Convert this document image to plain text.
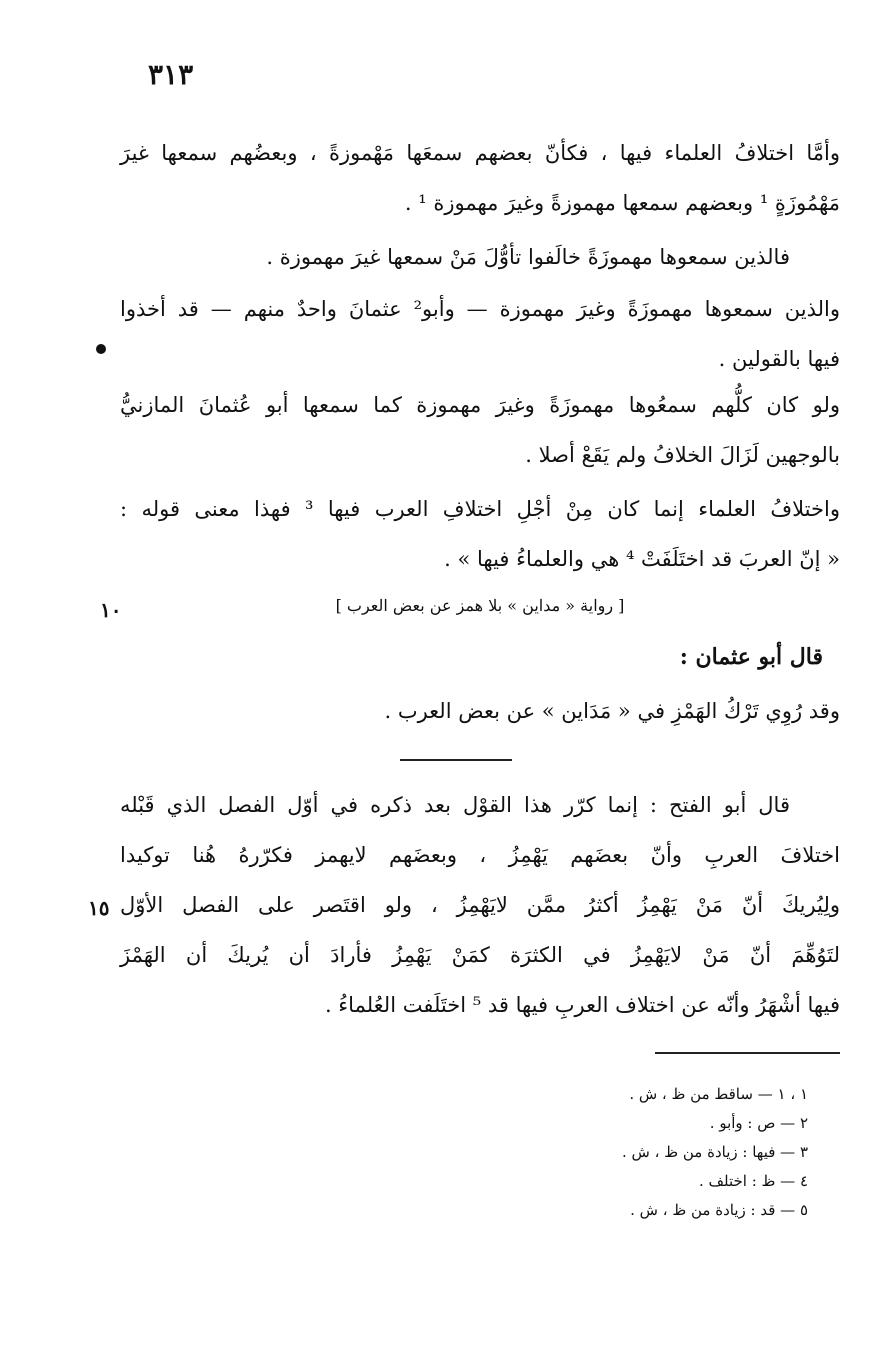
٣١٣
وأمَّا اختلافُ العلماء فيها ، فكأنّ بعضهم سمعَها مَهْموزةً ، وبعضُهم سمعها غيرَ
مَهْمُوزَةٍ ¹ وبعضهم سمعها مهموزةً وغيرَ مهموزة ¹ .
فالذين سمعوها مهموزَةً خالَفوا تأوُّلَ مَنْ سمعها غيرَ مهموزة .
والذين سمعوها مهموزَةً وغيرَ مهموزة — وأبو² عثمانَ واحدٌ منهم — قد أخذوا
فيها بالقولين .
ولو كان كلُّهم سمعُوها مهموزَةً وغيرَ مهموزة كما سمعها أبو عُثمانَ المازنيُّ
بالوجهين لَزَالَ الخلافُ ولم يَقَعْ أصلا .
واختلافُ العلماء إنما كان مِنْ أجْلِ اختلافِ العرب فيها ³ فهذا معنى قوله :
« إنّ العربَ قد اختَلَفَتْ ⁴ هي والعلماءُ فيها » .
[ رواية « مداين » بلا همز عن بعض العرب ]
١٠
قال أبو عثمان :
وقد رُوِي تَرْكُ الهَمْزِ في « مَدَاين » عن بعض العرب .
قال أبو الفتح : إنما كرّر هذا القوْل بعد ذكره في أوّل الفصل الذي قَبْله
اختلافَ العربِ وأنّ بعضَهم يَهْمِزُ ، وبعضَهم لايهمز فكرّرهُ هُنا توكيدا
ولِيُريكَ أنّ مَنْ يَهْمِزُ أكثرُ ممَّن لايَهْمِزُ ، ولو اقتَصر على الفصل الأوّل
لتَوُهِّمَ أنّ مَنْ لايَهْمِزُ في الكثرَة كمَنْ يَهْمِزُ فأرادَ أن يُريكَ أن الهَمْزَ
فيها أشْهَرُ وأنّه عن اختلاف العربِ فيها قد ⁵ اختَلَفت العُلماءُ .
١٥
١ ، ١ — ساقط من ظ ، ش .
٢ — ص : وأبو .
٣ — فيها : زيادة من ظ ، ش .
٤ — ظ : اختلف .
٥ — قد : زيادة من ظ ، ش .
